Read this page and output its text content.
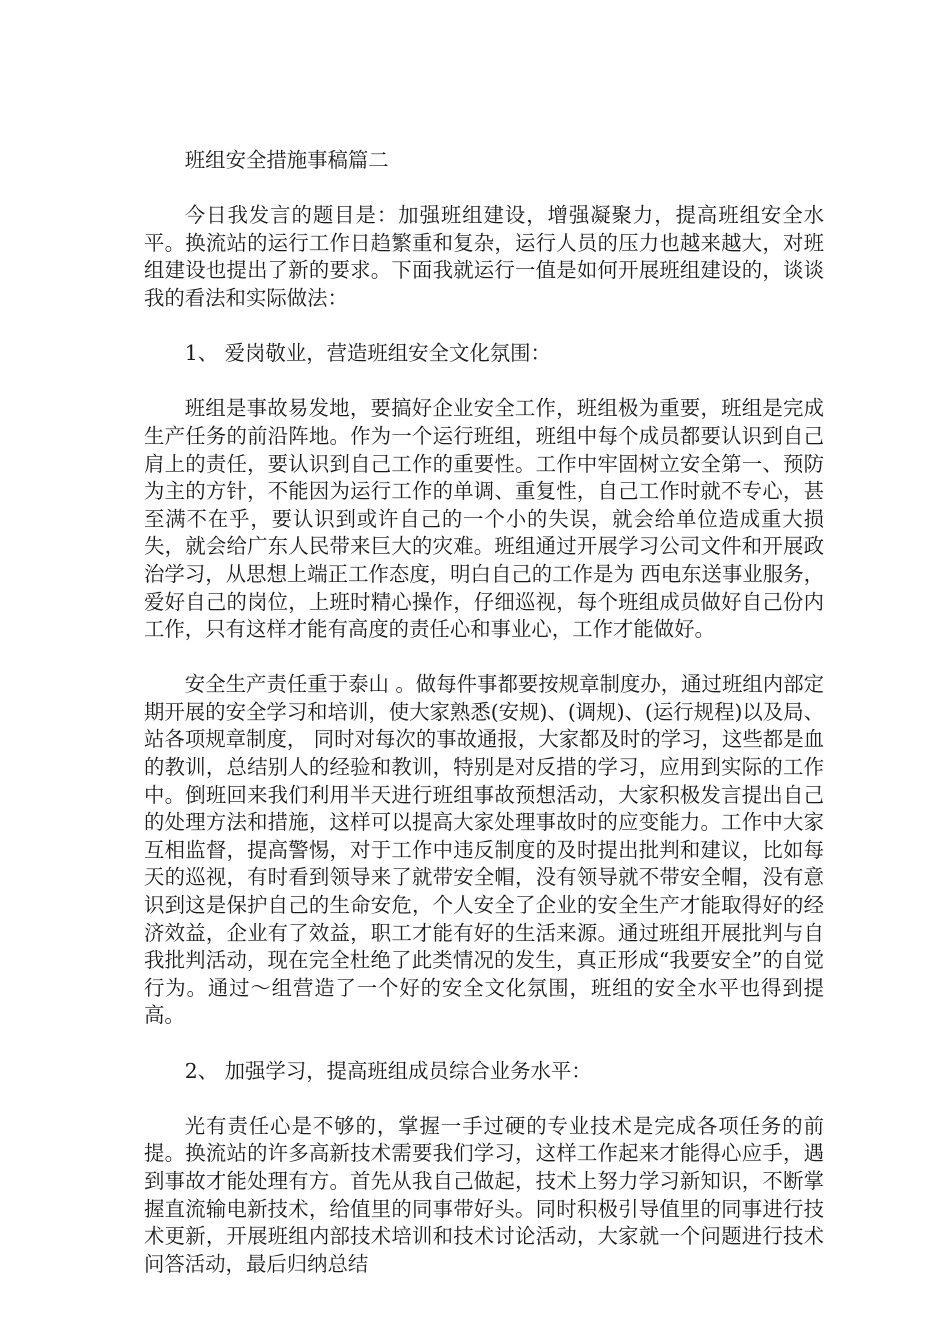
班组安全措施事稿篇二

今日我发言的题目是：加强班组建设，增强凝聚力，提高班组安全水平。换流站的运行工作日趋繁重和复杂，运行人员的压力也越来越大，对班组建设也提出了新的要求。下面我就运行一值是如何开展班组建设的，谈谈我的看法和实际做法：

1、 爱岗敬业，营造班组安全文化氛围：

班组是事故易发地，要搞好企业安全工作，班组极为重要，班组是完成生产任务的前沿阵地。作为一个运行班组，班组中每个成员都要认识到自己肩上的责任，要认识到自己工作的重要性。工作中牢固树立安全第一、预防为主的方针，不能因为运行工作的单调、重复性，自己工作时就不专心，甚至满不在乎，要认识到或许自己的一个小的失误，就会给单位造成重大损失，就会给广东人民带来巨大的灾难。班组通过开展学习公司文件和开展政治学习，从思想上端正工作态度，明白自己的工作是为 西电东送事业服务，爱好自己的岗位，上班时精心操作，仔细巡视，每个班组成员做好自己份内工作，只有这样才能有高度的责任心和事业心，工作才能做好。

安全生产责任重于泰山 。做每件事都要按规章制度办，通过班组内部定期开展的安全学习和培训，使大家熟悉(安规)、(调规)、(运行规程)以及局、站各项规章制度， 同时对每次的事故通报，大家都及时的学习，这些都是血的教训，总结别人的经验和教训，特别是对反措的学习，应用到实际的工作中。倒班回来我们利用半天进行班组事故预想活动，大家积极发言提出自己的处理方法和措施，这样可以提高大家处理事故时的应变能力。工作中大家互相监督，提高警惕，对于工作中违反制度的及时提出批判和建议，比如每天的巡视，有时看到领导来了就带安全帽，没有领导就不带安全帽，没有意识到这是保护自己的生命安危，个人安全了企业的安全生产才能取得好的经济效益，企业有了效益，职工才能有好的生活来源。通过班组开展批判与自我批判活动，现在完全杜绝了此类情况的发生，真正形成“我要安全”的自觉行为。通过～组营造了一个好的安全文化氛围，班组的安全水平也得到提高。

2、 加强学习，提高班组成员综合业务水平：

光有责任心是不够的，掌握一手过硬的专业技术是完成各项任务的前提。换流站的许多高新技术需要我们学习，这样工作起来才能得心应手，遇到事故才能处理有方。首先从我自己做起，技术上努力学习新知识，不断掌握直流输电新技术，给值里的同事带好头。同时积极引导值里的同事进行技术更新，开展班组内部技术培训和技术讨论活动，大家就一个问题进行技术问答活动，最后归纳总结
